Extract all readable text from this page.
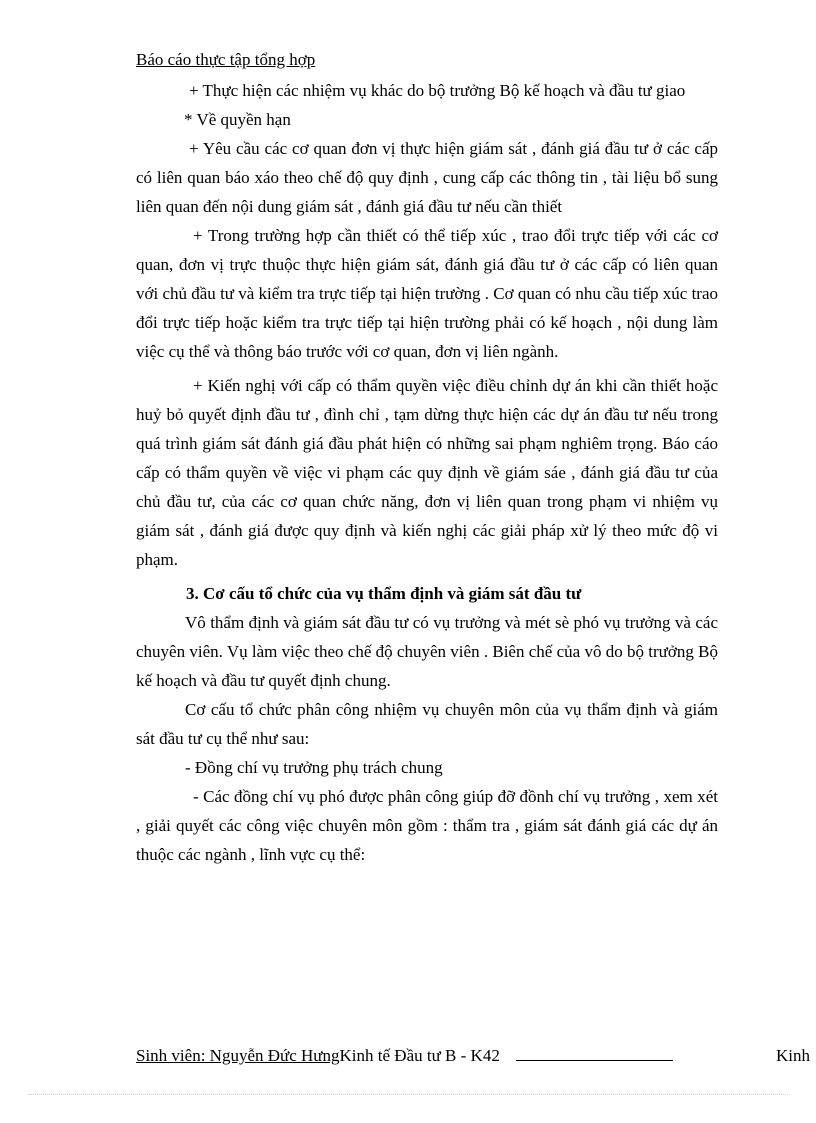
Báo cáo thực tập tổng hợp

+ Thực hiện các nhiệm vụ khác do bộ trưởng Bộ kế hoạch và đầu tư giao

* Về quyền hạn

+ Yêu cầu các cơ quan đơn vị thực hiện giám sát , đánh giá đầu tư ở các cấp có liên quan báo xáo theo chế độ quy định , cung cấp các thông tin , tài liệu bổ sung liên quan đến nội dung giám sát , đánh giá đầu tư nếu cần thiết

+ Trong trường hợp cần thiết có thể tiếp xúc , trao đổi trực tiếp với các cơ quan, đơn vị trực thuộc thực hiện giám sát, đánh giá đầu tư ở các cấp có liên quan với chủ đầu tư và kiểm tra trực tiếp tại hiện trường . Cơ quan có nhu cầu tiếp xúc trao đổi trực tiếp hoặc kiểm tra trực tiếp tại hiện trường phải có kế hoạch , nội dung làm việc cụ thể và thông báo trước với cơ quan, đơn vị liên ngành.

+ Kiến nghị với cấp có thẩm quyền việc điều chỉnh dự án khi cần thiết hoặc huỷ bỏ quyết định đầu tư , đình chỉ , tạm dừng thực hiện các dự án đầu tư nếu trong quá trình giám sát đánh giá đầu phát hiện có những sai phạm nghiêm trọng. Báo cáo cấp có thẩm quyền về việc vi phạm các quy định về giám sáe , đánh giá đầu tư của chủ đầu tư, của các cơ quan chức năng, đơn vị liên quan trong phạm vi nhiệm vụ giám sát , đánh giá được quy định và kiến nghị các giải pháp xử lý theo mức độ vi phạm.

3. Cơ cấu tổ chức của vụ thẩm định và giám sát đầu tư

Vô thẩm định và giám sát đầu tư có vụ trưởng và mét sè phó vụ trưởng và các chuyên viên. Vụ làm việc theo chế độ chuyên viên . Biên chế của vô do bộ trưởng Bộ kế hoạch và đầu tư quyết định chung.

Cơ cấu tổ chức phân công nhiệm vụ chuyên môn của vụ thẩm định và giám sát đầu tư cụ thể như sau:

- Đồng chí vụ trưởng phụ trách chung

- Các đồng chí vụ phó được phân công giúp đỡ đồnh chí vụ trưởng , xem xét , giải quyết các công việc chuyên môn gồm : thẩm tra , giám sát đánh giá các dự án thuộc các ngành , lĩnh vực cụ thể:

Sinh viên: Nguyễn Đức HưngKinh tế Đầu tư B - K42	Kinh
